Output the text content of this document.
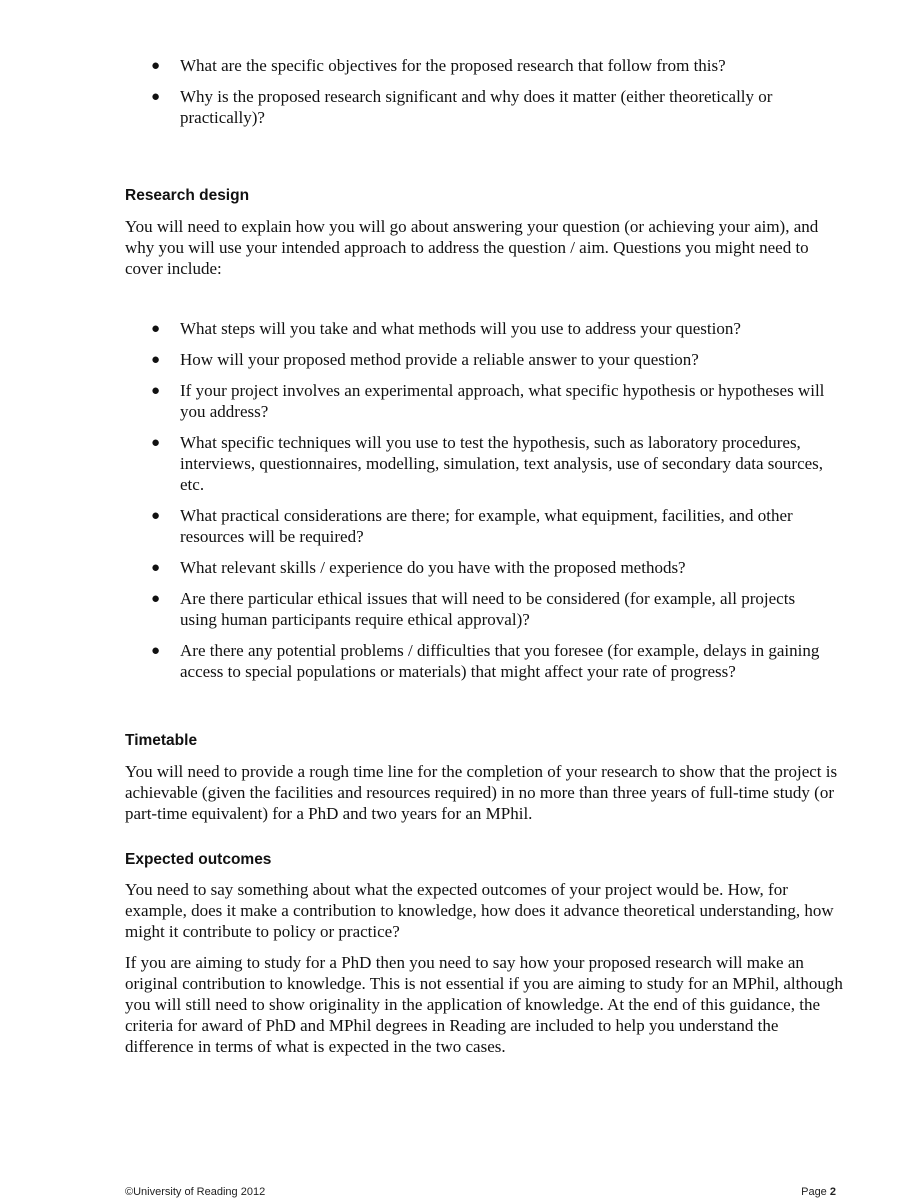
● What are the specific objectives for the proposed research that follow from this?
● Why is the proposed research significant and why does it matter (either theoretically or practically)?
Research design

You will need to explain how you will go about answering your question (or achieving your aim), and why you will use your intended approach to address the question / aim. Questions you might need to cover include:

● What steps will you take and what methods will you use to address your question?
● How will your proposed method provide a reliable answer to your question?
● If your project involves an experimental approach, what specific hypothesis or hypotheses will you address?
● What specific techniques will you use to test the hypothesis, such as laboratory procedures, interviews, questionnaires, modelling, simulation, text analysis, use of secondary data sources, etc.
● What practical considerations are there; for example, what equipment, facilities, and other resources will be required?
● What relevant skills / experience do you have with the proposed methods?
● Are there particular ethical issues that will need to be considered (for example, all projects using human participants require ethical approval)?
● Are there any potential problems / difficulties that you foresee (for example, delays in gaining access to special populations or materials) that might affect your rate of progress?
Timetable

You will need to provide a rough time line for the completion of your research to show that the project is achievable (given the facilities and resources required) in no more than three years of full-time study (or part-time equivalent) for a PhD and two years for an MPhil.

Expected outcomes

You need to say something about what the expected outcomes of your project would be. How, for example, does it make a contribution to knowledge, how does it advance theoretical understanding, how might it contribute to policy or practice?

If you are aiming to study for a PhD then you need to say how your proposed research will make an original contribution to knowledge. This is not essential if you are aiming to study for an MPhil, although you will still need to show originality in the application of knowledge. At the end of this guidance, the criteria for award of PhD and MPhil degrees in Reading are included to help you understand the difference in terms of what is expected in the two cases.

©University of Reading 2012	Page 2
